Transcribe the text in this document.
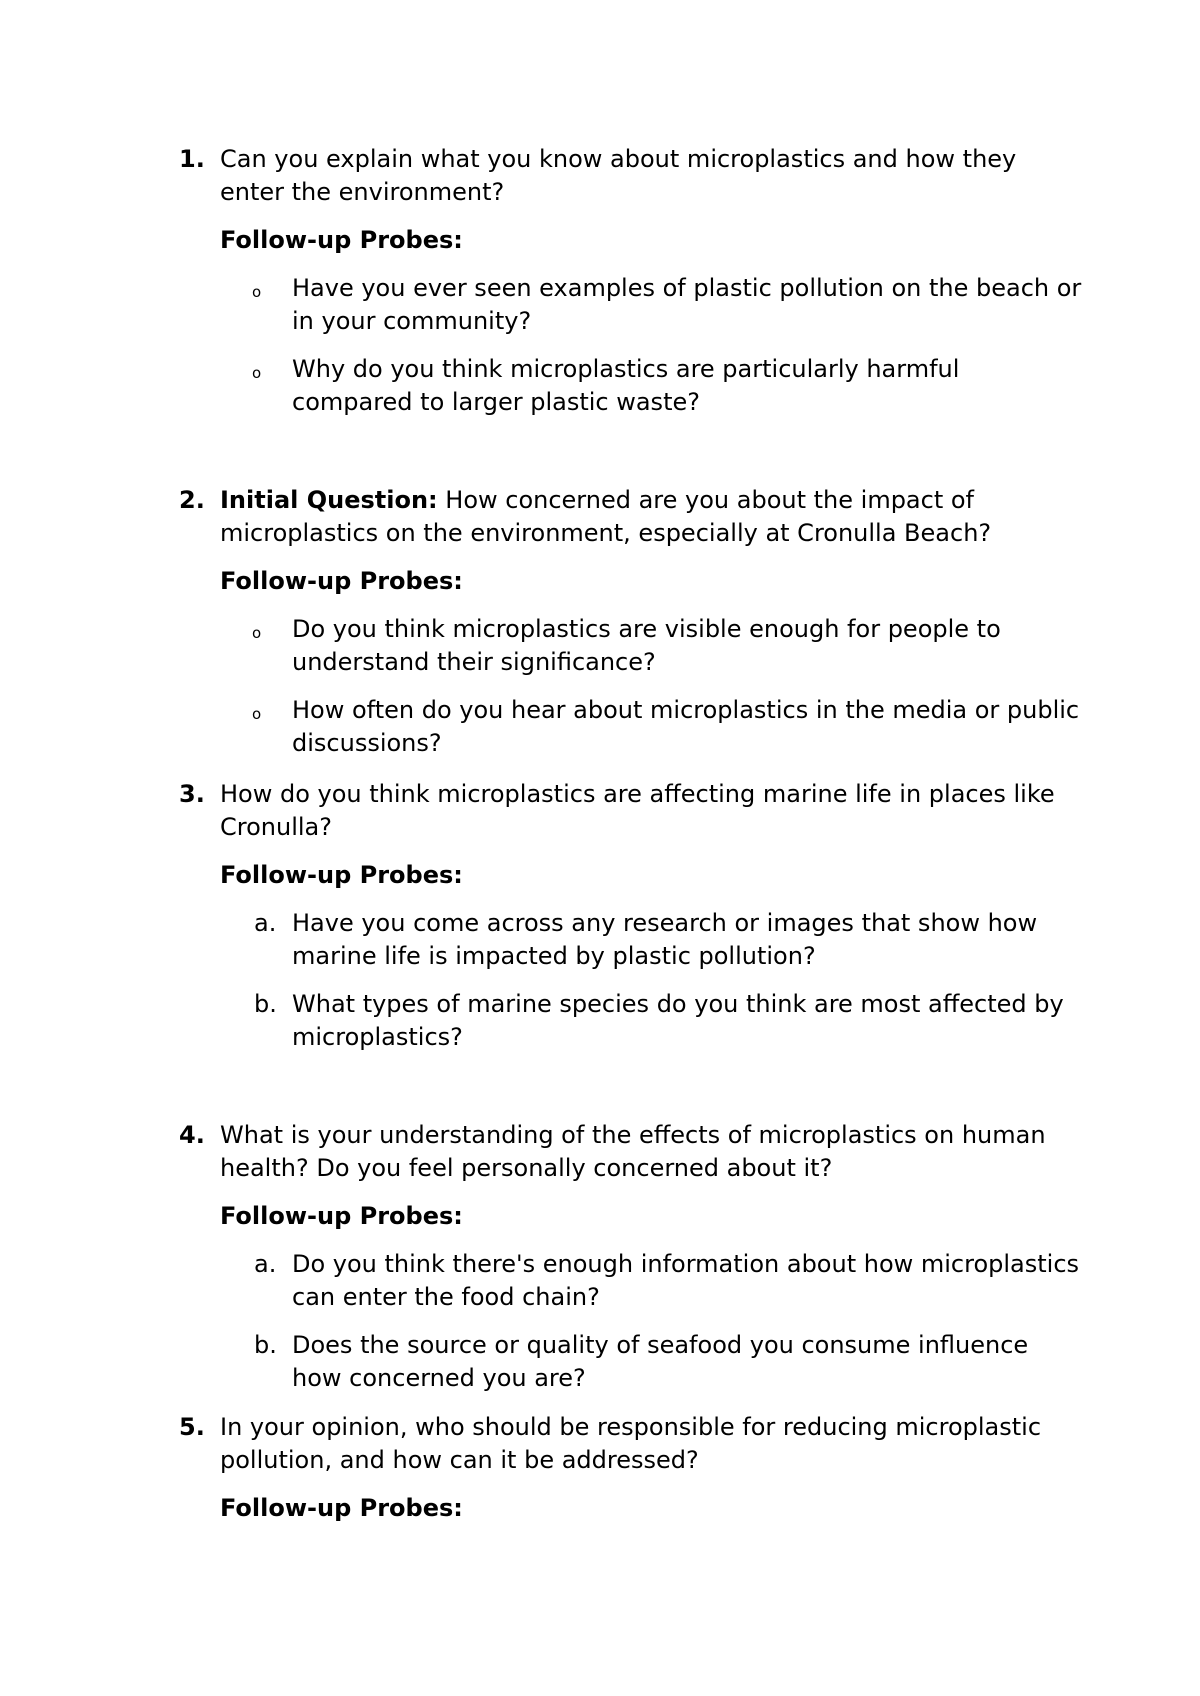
1. Can you explain what you know about microplastics and how they enter the environment?
Follow-up Probes:
o Have you ever seen examples of plastic pollution on the beach or in your community?
o Why do you think microplastics are particularly harmful compared to larger plastic waste?
2. Initial Question: How concerned are you about the impact of microplastics on the environment, especially at Cronulla Beach?
Follow-up Probes:
o Do you think microplastics are visible enough for people to understand their significance?
o How often do you hear about microplastics in the media or public discussions?
3. How do you think microplastics are affecting marine life in places like Cronulla?
Follow-up Probes:
a. Have you come across any research or images that show how marine life is impacted by plastic pollution?
b. What types of marine species do you think are most affected by microplastics?
4. What is your understanding of the effects of microplastics on human health? Do you feel personally concerned about it?
Follow-up Probes:
a. Do you think there's enough information about how microplastics can enter the food chain?
b. Does the source or quality of seafood you consume influence how concerned you are?
5. In your opinion, who should be responsible for reducing microplastic pollution, and how can it be addressed?
Follow-up Probes:
